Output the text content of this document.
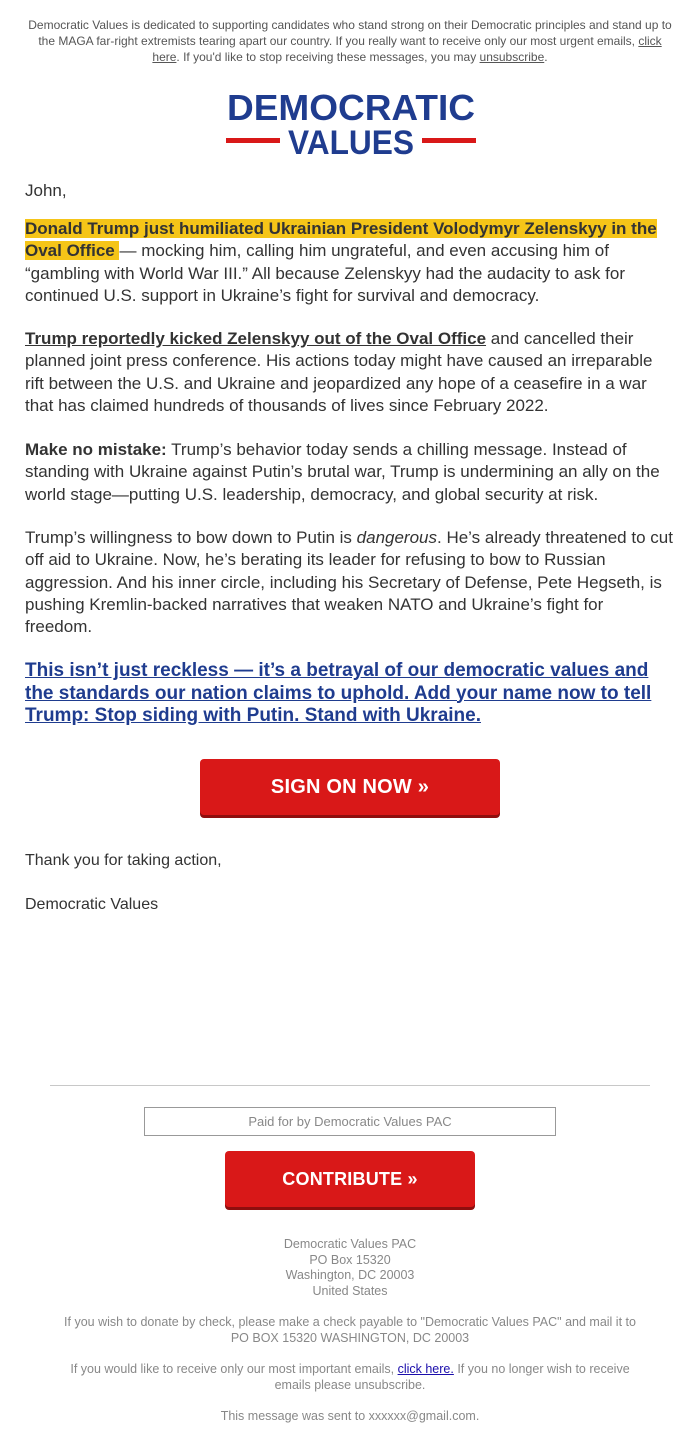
Democratic Values is dedicated to supporting candidates who stand strong on their Democratic principles and stand up to the MAGA far-right extremists tearing apart our country. If you really want to receive only our most urgent emails, click here. If you'd like to stop receiving these messages, you may unsubscribe.
DEMOCRATIC
VALUES
John,
Donald Trump just humiliated Ukrainian President Volodymyr Zelenskyy in the Oval Office — mocking him, calling him ungrateful, and even accusing him of “gambling with World War III.” All because Zelenskyy had the audacity to ask for continued U.S. support in Ukraine’s fight for survival and democracy.
Trump reportedly kicked Zelenskyy out of the Oval Office and cancelled their planned joint press conference. His actions today might have caused an irreparable rift between the U.S. and Ukraine and jeopardized any hope of a ceasefire in a war that has claimed hundreds of thousands of lives since February 2022.
Make no mistake: Trump’s behavior today sends a chilling message. Instead of standing with Ukraine against Putin’s brutal war, Trump is undermining an ally on the world stage—putting U.S. leadership, democracy, and global security at risk.
Trump’s willingness to bow down to Putin is dangerous. He’s already threatened to cut off aid to Ukraine. Now, he’s berating its leader for refusing to bow to Russian aggression. And his inner circle, including his Secretary of Defense, Pete Hegseth, is pushing Kremlin-backed narratives that weaken NATO and Ukraine’s fight for freedom.
This isn’t just reckless — it’s a betrayal of our democratic values and the standards our nation claims to uphold. Add your name now to tell Trump: Stop siding with Putin. Stand with Ukraine.
SIGN ON NOW »
Thank you for taking action,
Democratic Values
Paid for by Democratic Values PAC
CONTRIBUTE »
Democratic Values PAC
PO Box 15320
Washington, DC 20003
United States
If you wish to donate by check, please make a check payable to "Democratic Values PAC" and mail it to PO BOX 15320 WASHINGTON, DC 20003
If you would like to receive only our most important emails, click here. If you no longer wish to receive emails please unsubscribe.
This message was sent to xxxxxx@gmail.com.
